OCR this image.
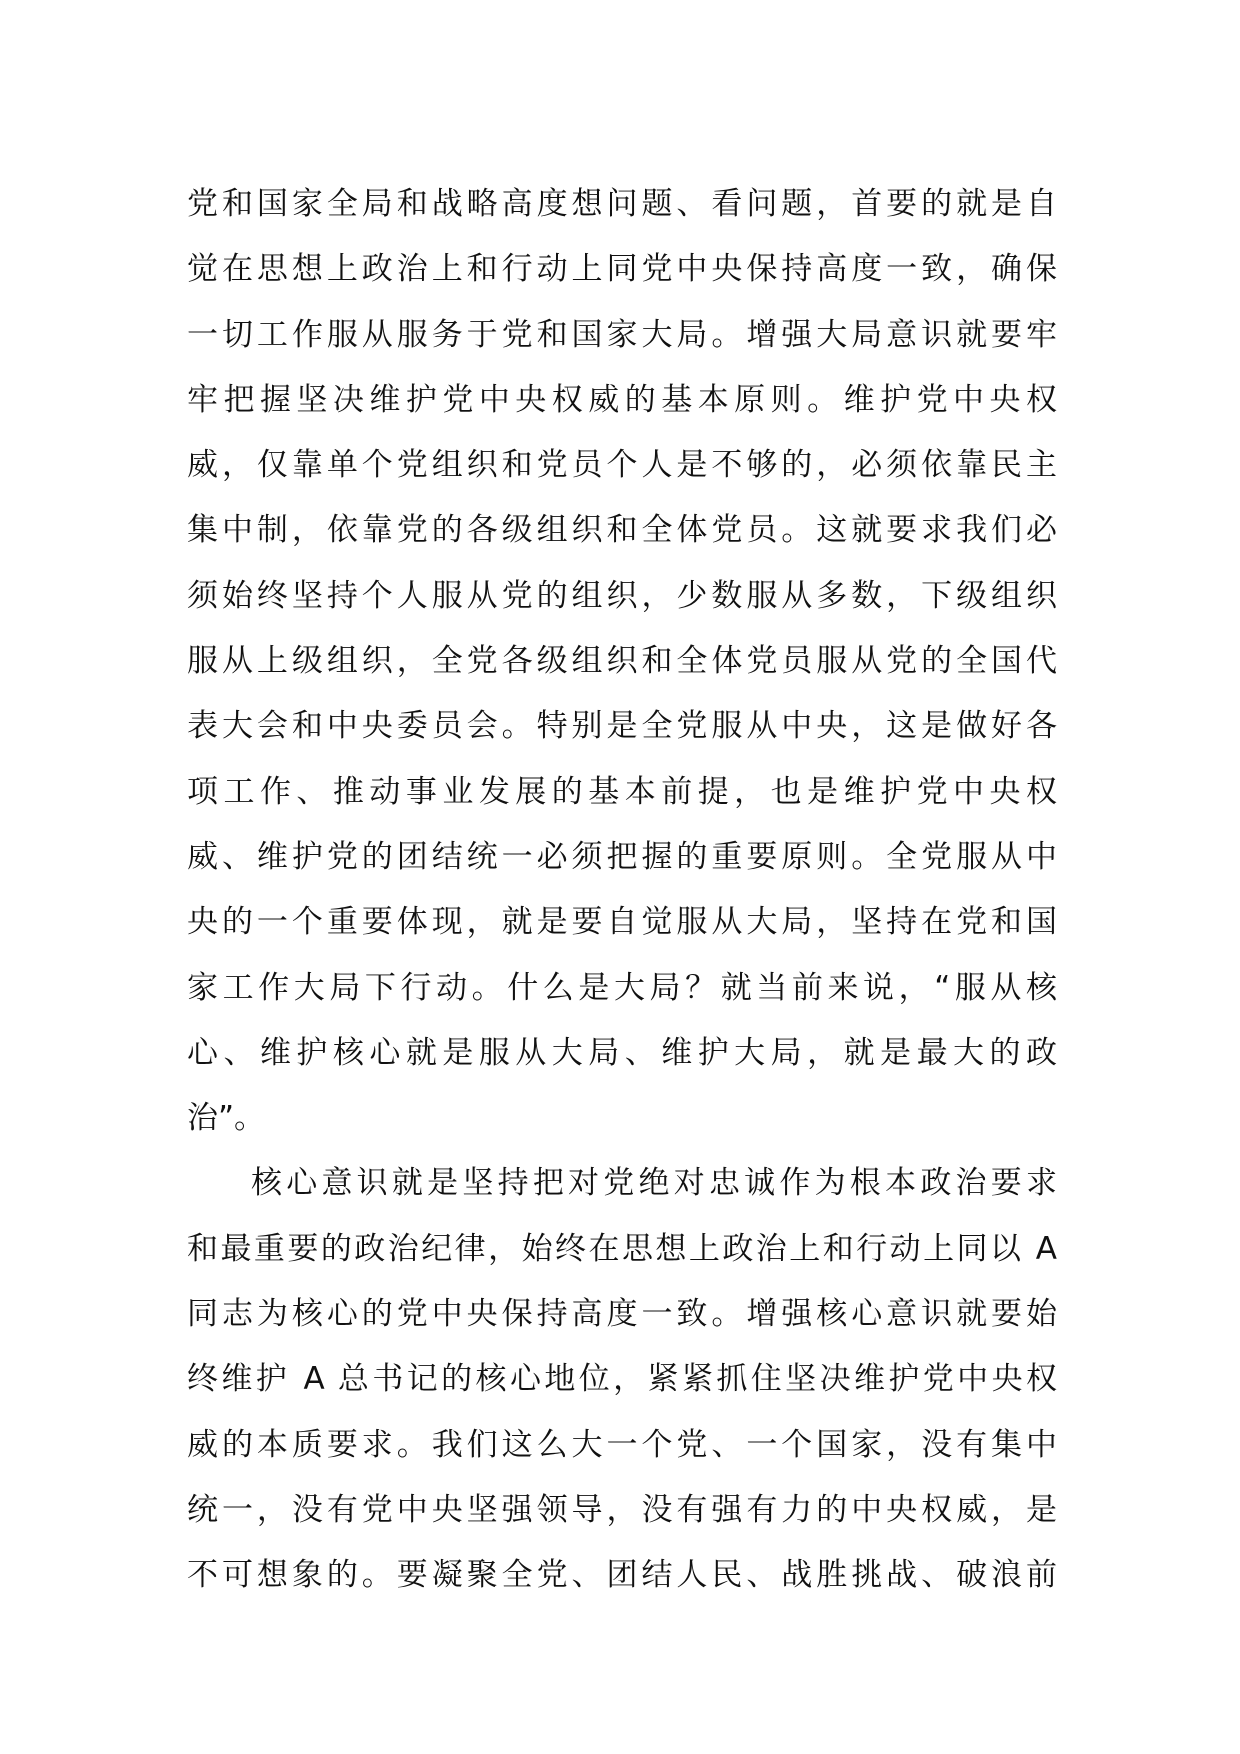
党和国家全局和战略高度想问题、看问题，首要的就是自
觉在思想上政治上和行动上同党中央保持高度一致，确保
一切工作服从服务于党和国家大局。增强大局意识就要牢
牢把握坚决维护党中央权威的基本原则。维护党中央权
威，仅靠单个党组织和党员个人是不够的，必须依靠民主
集中制，依靠党的各级组织和全体党员。这就要求我们必
须始终坚持个人服从党的组织，少数服从多数，下级组织
服从上级组织，全党各级组织和全体党员服从党的全国代
表大会和中央委员会。特别是全党服从中央，这是做好各
项工作、推动事业发展的基本前提，也是维护党中央权
威、维护党的团结统一必须把握的重要原则。全党服从中
央的一个重要体现，就是要自觉服从大局，坚持在党和国
家工作大局下行动。什么是大局？就当前来说，“服从核
心、维护核心就是服从大局、维护大局，就是最大的政
治”。
核心意识就是坚持把对党绝对忠诚作为根本政治要求
和最重要的政治纪律，始终在思想上政治上和行动上同以 A
同志为核心的党中央保持高度一致。增强核心意识就要始
终维护 A 总书记的核心地位，紧紧抓住坚决维护党中央权
威的本质要求。我们这么大一个党、一个国家，没有集中
统一，没有党中央坚强领导，没有强有力的中央权威，是
不可想象的。要凝聚全党、团结人民、战胜挑战、破浪前
